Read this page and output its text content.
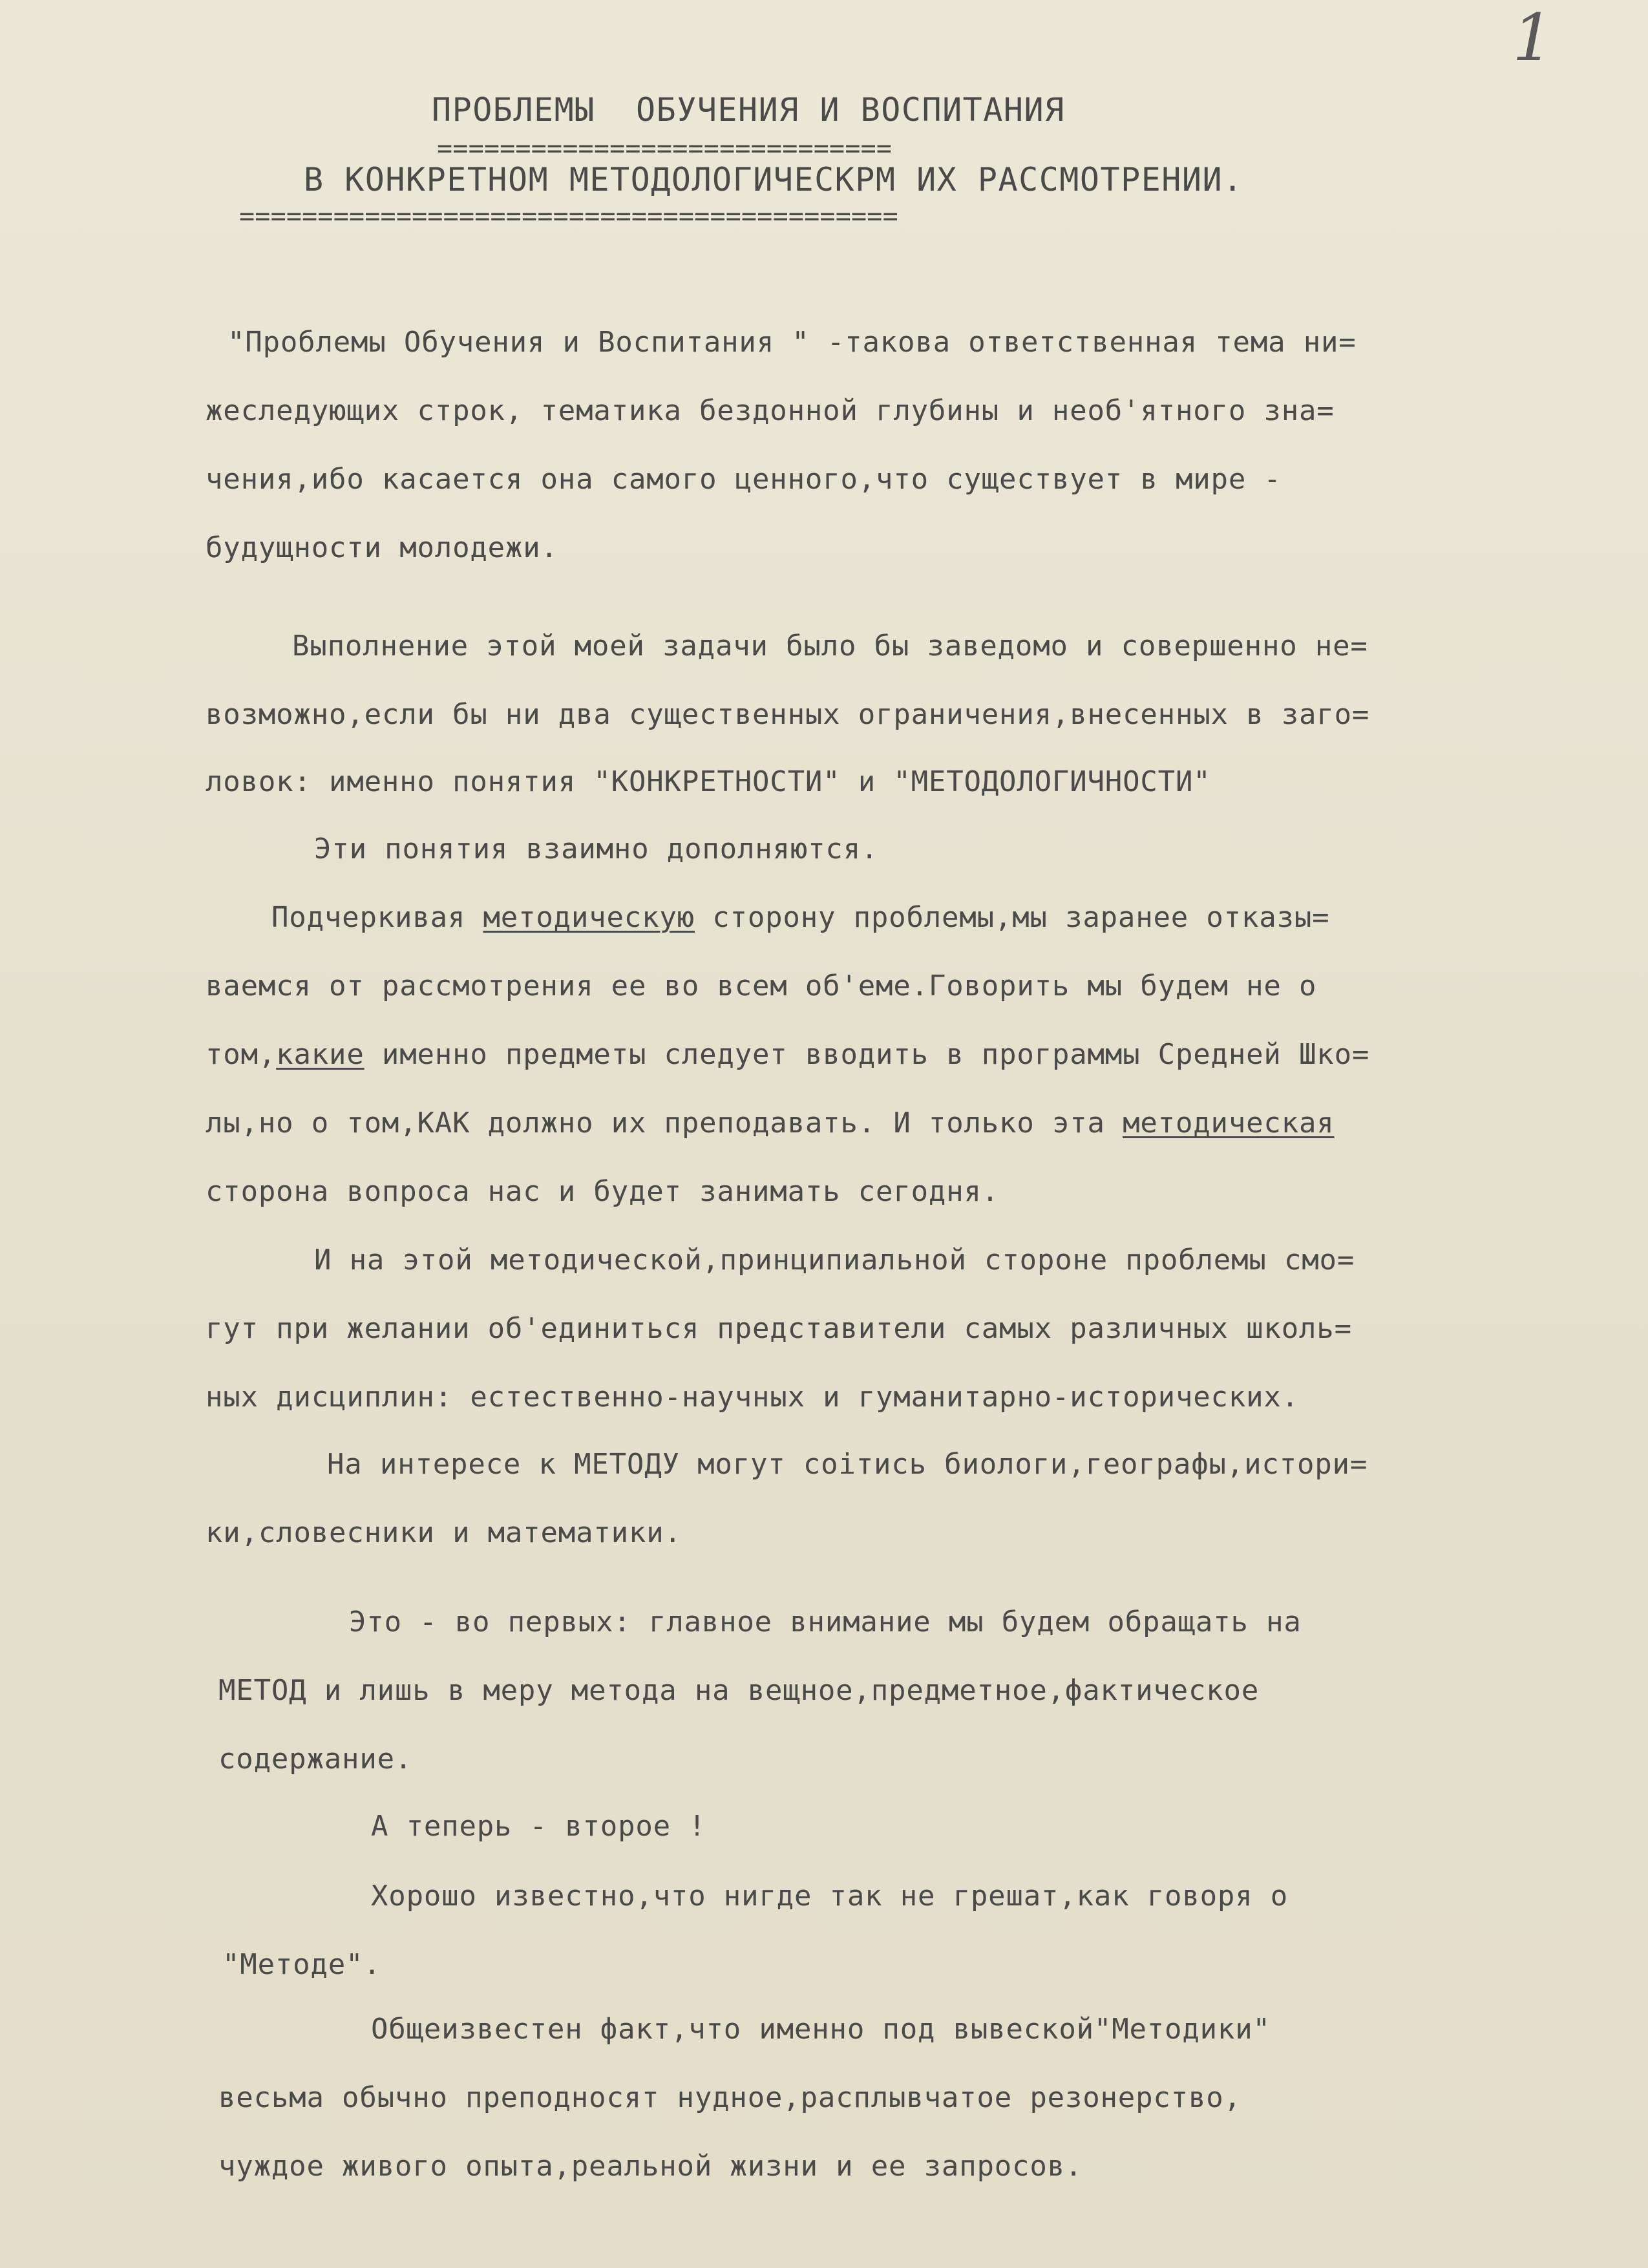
1
ПРОБЛЕМЫ  ОБУЧЕНИЯ И ВОСПИТАНИЯ
=============================
В КОНКРЕТНОМ МЕТОДОЛОГИЧЕСКРМ ИХ РАССМОТРЕНИИ.
==========================================
"Проблемы Обучения и Воспитания " -такова ответственная тема ни=
жеследующих строк, тематика бездонной глубины и необ'ятного зна=
чения,ибо касается она самого ценного,что существует в мире -
будущности молодежи.
Выполнение этой моей задачи было бы заведомо и совершенно не=
возможно,если бы ни два существенных ограничения,внесенных в заго=
ловок: именно понятия "КОНКРЕТНОСТИ" и "МЕТОДОЛОГИЧНОСТИ"
Эти понятия взаимно дополняются.
Подчеркивая методическую сторону проблемы,мы заранее отказы=
ваемся от рассмотрения ее во всем об'еме.Говорить мы будем не о
том,какие именно предметы следует вводить в программы Средней Шко=
лы,но о том,КАК должно их преподавать. И только эта методическая
сторона вопроса нас и будет занимать сегодня.
И на этой методической,принципиальной стороне проблемы смо=
гут при желании об'единиться представители самых различных школь=
ных дисциплин: естественно-научных и гуманитарно-исторических.
На интересе к МЕТОДУ могут соітись биологи,географы,истори=
ки,словесники и математики.
Это - во первых: главное внимание мы будем обращать на
МЕТОД и лишь в меру метода на вещное,предметное,фактическое
содержание.
А теперь - второе !
Хорошо известно,что нигде так не грешат,как говоря о
"Методе".
Общеизвестен факт,что именно под вывеской"Методики"
весьма обычно преподносят нудное,расплывчатое резонерство,
чуждое живого опыта,реальной жизни и ее запросов.
